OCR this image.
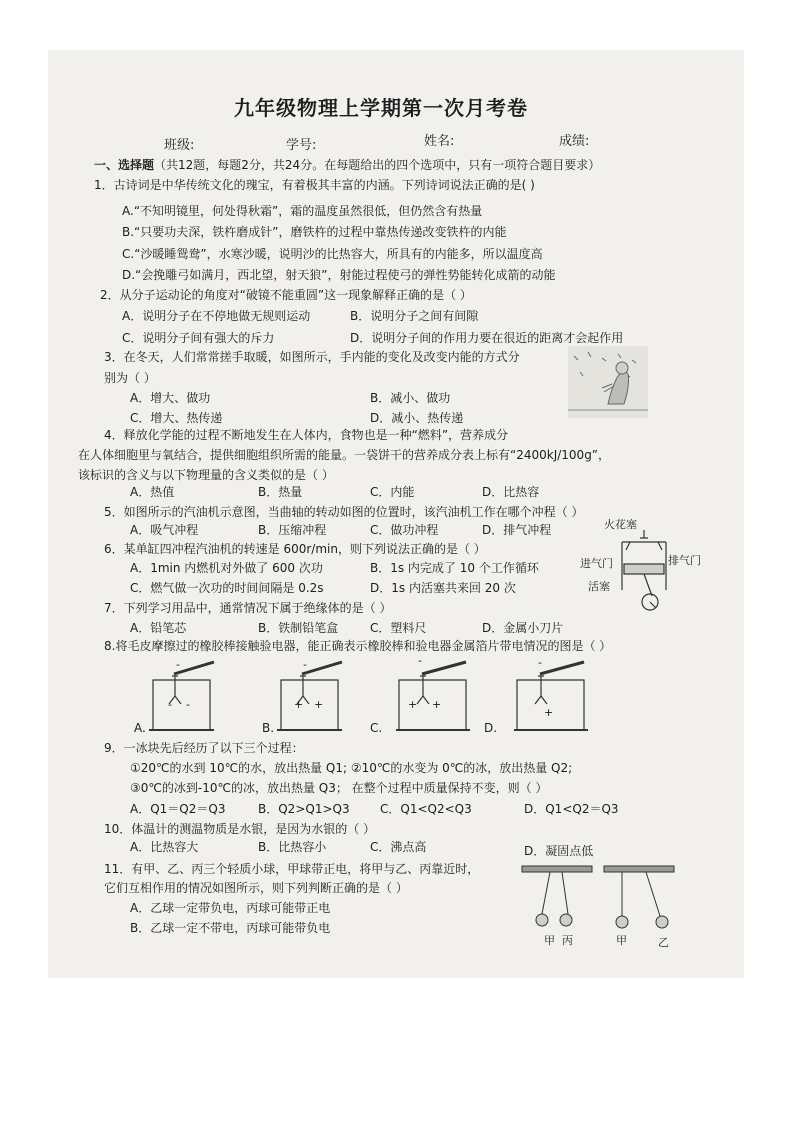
九年级物理上学期第一次月考卷
班级:	学号:	姓名:	成绩:
一、选择题（共12题，每题2分，共24分。在每题给出的四个选项中，只有一项符合题目要求）
1．古诗词是中华传统文化的瑰宝，有着极其丰富的内涵。下列诗词说法正确的是( )
A.“不知明镜里，何处得秋霜”，霜的温度虽然很低，但仍然含有热量
B.“只要功夫深，铁杵磨成针”，磨铁杵的过程中靠热传递改变铁杵的内能
C.“沙暖睡鸳鸯”，水寒沙暖，说明沙的比热容大，所具有的内能多，所以温度高
D.“会挽雕弓如满月，西北望，射天狼”，射能过程使弓的弹性势能转化成箭的动能
2．从分子运动论的角度对“破镜不能重圆”这一现象解释正确的是（ ）
A．说明分子在不停地做无规则运动	B．说明分子之间有间隙
C．说明分子间有强大的斥力	D．说明分子间的作用力要在很近的距离才会起作用
3．在冬天，人们常常搓手取暖，如图所示，手内能的变化及改变内能的方式分
别为（ ）
A．增大、做功	B．减小、做功
C．增大、热传递	D．减小、热传递
4．释放化学能的过程不断地发生在人体内，食物也是一种“燃料”，营养成分
在人体细胞里与氧结合，提供细胞组织所需的能量。一袋饼干的营养成分表上标有“2400kJ/100g”，
该标识的含义与以下物理量的含义类似的是（ ）
A．热值	B．热量	C．内能	D．比热容
5．如图所示的汽油机示意图，当曲轴的转动如图的位置时，该汽油机工作在哪个冲程（ ）
A．吸气冲程	B．压缩冲程	C．做功冲程	D．排气冲程	火花塞
进气门	排气门
活塞
6．某单缸四冲程汽油机的转速是 600r/min，则下列说法正确的是（ ）
A．1min 内燃机对外做了 600 次功	B．1s 内完成了 10 个工作循环
C．燃气做一次功的时间间隔是 0.2s	D．1s 内活塞共来回 20 次
7．下列学习用品中，通常情况下属于绝缘体的是（ ）
A．铅笔芯	B．铁制铅笔盒	C．塑料尺	D．金属小刀片
8.将毛皮摩擦过的橡胶棒接触验电器，能正确表示橡胶棒和验电器金属箔片带电情况的图是（ ）
-
- -
A.
-
+ +
B.
-
+ +
C.
-
+
D.
9．一冰块先后经历了以下三个过程：
①20℃的水到 10℃的水，放出热量 Q1; ②10℃的水变为 0℃的冰，放出热量 Q2;
③0℃的冰到-10℃的冰，放出热量 Q3； 在整个过程中质量保持不变，则（ ）
A．Q1＝Q2＝Q3	B．Q2>Q1>Q3	C．Q1<Q2<Q3	D．Q1<Q2＝Q3
10．体温计的测温物质是水银，是因为水银的（ ）
A．比热容大	B．比热容小	C．沸点高	D．凝固点低
11．有甲、乙、丙三个轻质小球，甲球带正电，将甲与乙、丙靠近时，
它们互相作用的情况如图所示，则下列判断正确的是（ ）
A．乙球一定带负电，丙球可能带正电
B．乙球一定不带电，丙球可能带负电
甲 丙	甲	乙
